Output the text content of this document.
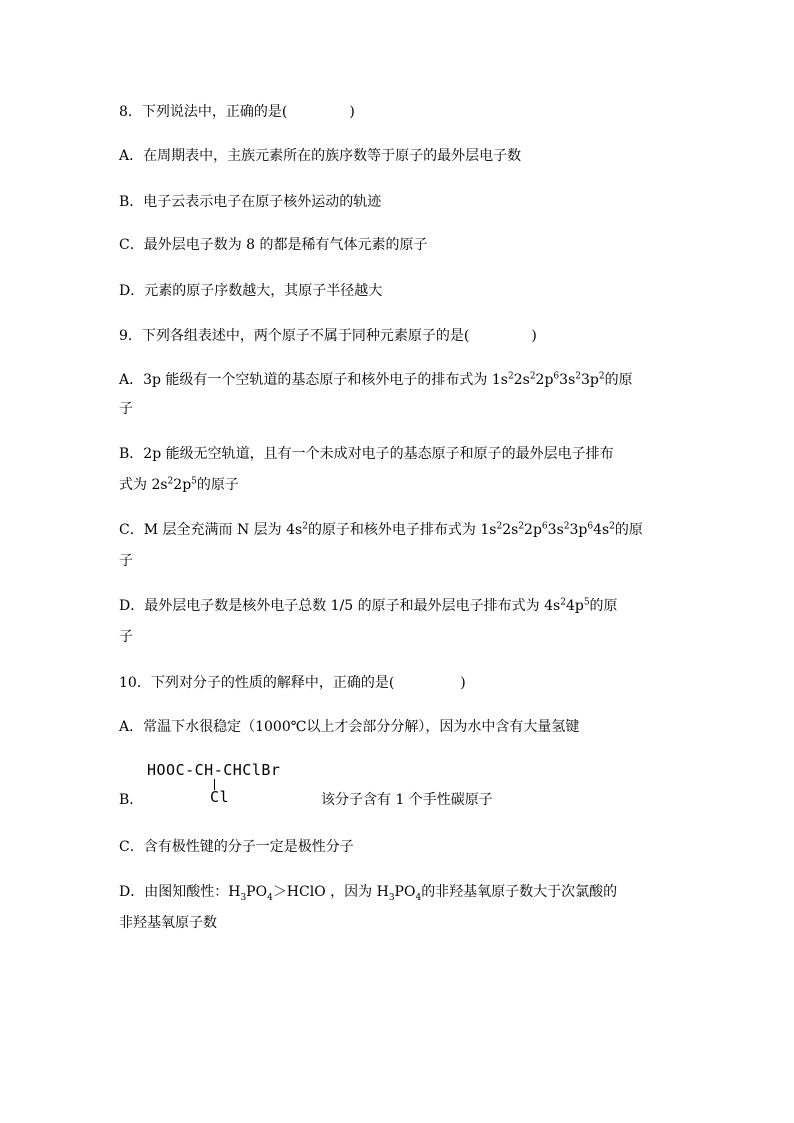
8．下列说法中，正确的是(	)
A．在周期表中，主族元素所在的族序数等于原子的最外层电子数
B．电子云表示电子在原子核外运动的轨迹
C．最外层电子数为 8 的都是稀有气体元素的原子
D．元素的原子序数越大，其原子半径越大
9．下列各组表述中，两个原子不属于同种元素原子的是(	)
A．3p 能级有一个空轨道的基态原子和核外电子的排布式为 $1s^22s^22p^63s^23p^2$的原
子
B．2p 能级无空轨道，且有一个未成对电子的基态原子和原子的最外层电子排布
式为 $2s^22p^5$的原子
C．M 层全充满而 N 层为 $4s^2$的原子和核外电子排布式为 $1s^22s^22p^63s^23p^64s^2$的原
子
D．最外层电子数是核外电子总数 1/5 的原子和最外层电子排布式为 $4s^24p^5$的原
子
10．下列对分子的性质的解释中，正确的是(	)
A．常温下水很稳定（1000℃以上才会部分分解），因为水中含有大量氢键
HOOC-CH-CHClBr
Cl
B．	该分子含有 1 个手性碳原子
C．含有极性键的分子一定是极性分子
D．由图知酸性：$H_3PO_4>HClO$ ，因为 $H_3PO_4$的非羟基氧原子数大于次氯酸的
非羟基氧原子数
